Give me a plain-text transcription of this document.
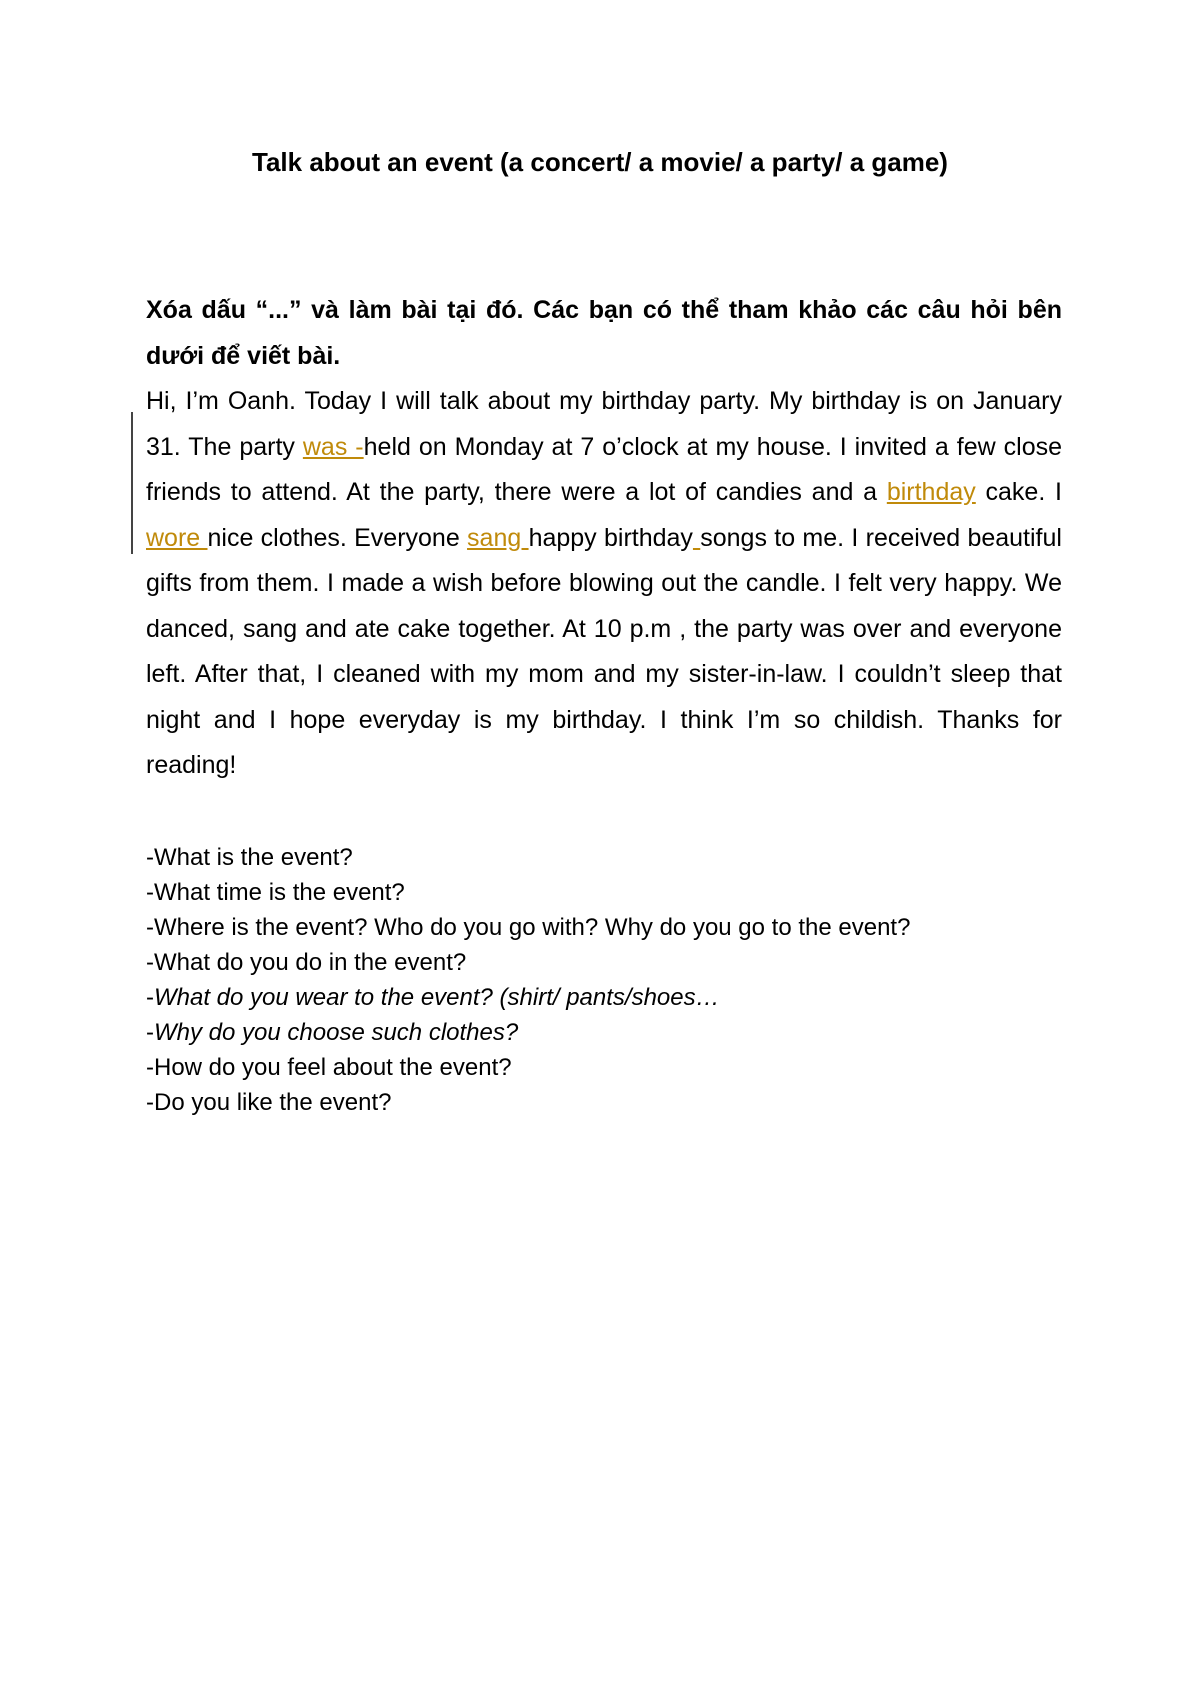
Talk about an event (a concert/ a movie/ a party/ a game)

Xóa dấu “...” và làm bài tại đó. Các bạn có thể tham khảo các câu hỏi bên dưới để viết bài.

Hi, I’m Oanh. Today I will talk about my birthday party. My birthday is on January 31. The party was -held on Monday at 7 o’clock at my house. I invited a few close friends to attend. At the party, there were a lot of candies and a birthday cake. I wore nice clothes. Everyone sang happy birthday songs to me. I received beautiful gifts from them. I made a wish before blowing out the candle. I felt very happy. We danced, sang and ate cake together. At 10 p.m , the party was over and everyone left. After that, I cleaned with my mom and my sister-in-law. I couldn’t sleep that night and I hope everyday is my birthday. I think I’m so childish. Thanks for reading!

-What is the event?
-What time is the event?
-Where is the event? Who do you go with? Why do you go to the event?
-What do you do in the event?
-What do you wear to the event? (shirt/ pants/shoes…
-Why do you choose such clothes?
-How do you feel about the event?
-Do you like the event?
